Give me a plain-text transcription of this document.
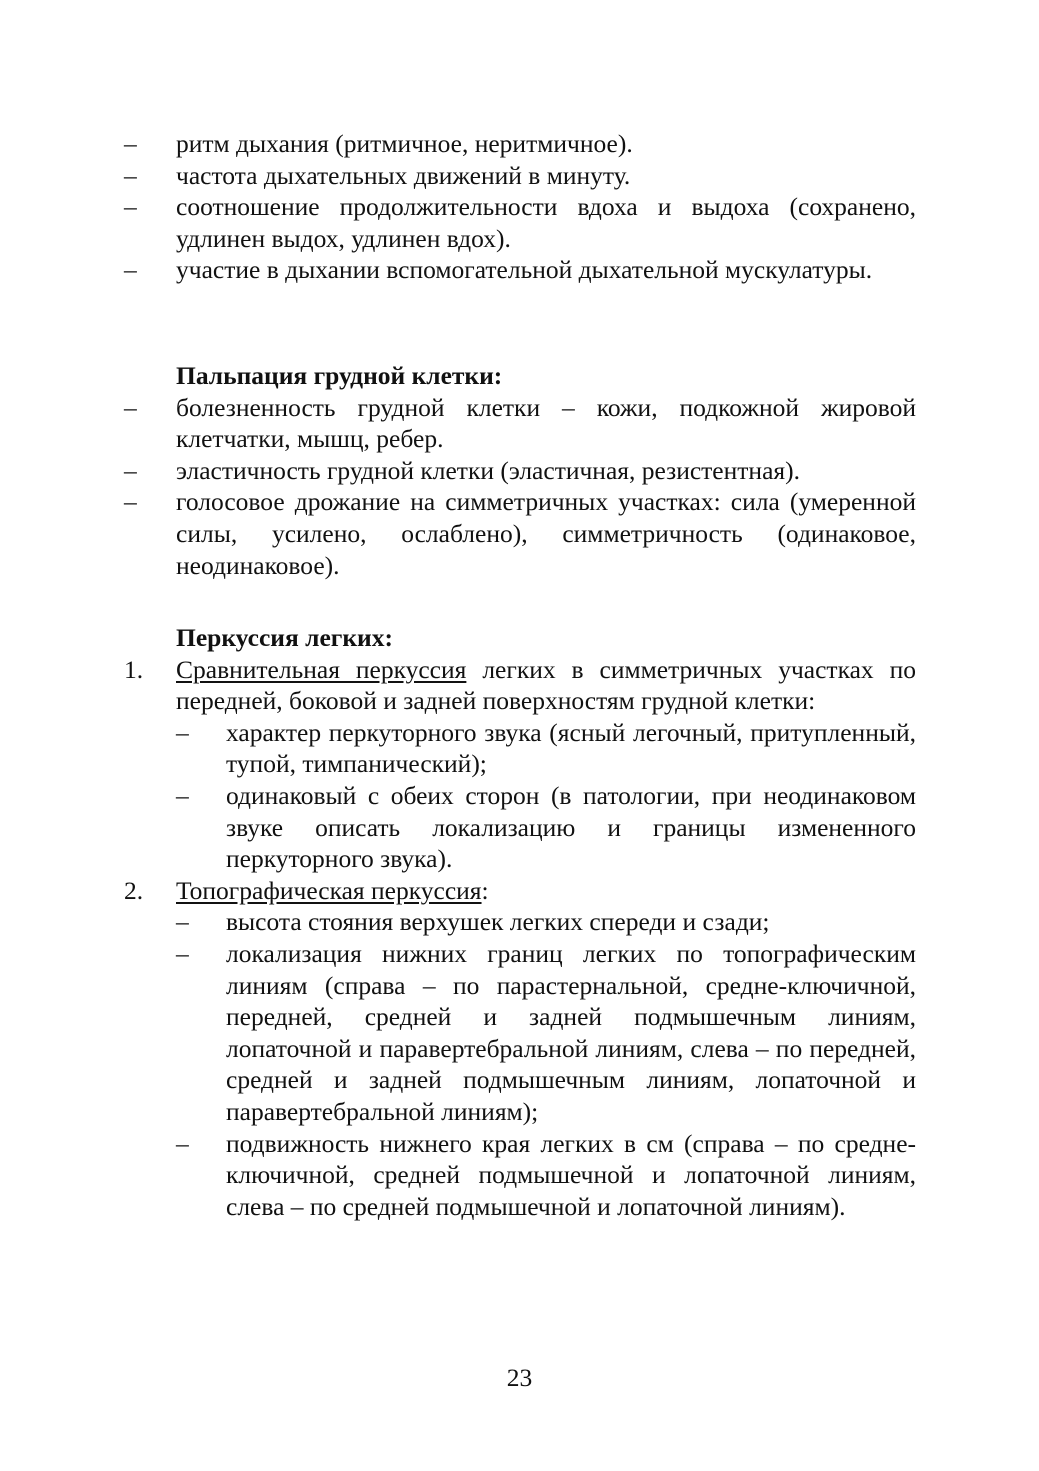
– ритм дыхания (ритмичное, неритмичное).
– частота дыхательных движений в минуту.
– соотношение продолжительности вдоха и выдоха (сохранено, удлинен выдох, удлинен вдох).
– участие в дыхании вспомогательной дыхательной мускулатуры.
Пальпация грудной клетки:
– болезненность грудной клетки – кожи, подкожной жировой клетчатки, мышц, ребер.
– эластичность грудной клетки (эластичная, резистентная).
– голосовое дрожание на симметричных участках: сила (умеренной силы, усилено, ослаблено), симметричность (одинаковое, неодинаковое).
Перкуссия легких:
1. Сравнительная перкуссия легких в симметричных участках по передней, боковой и задней поверхностям грудной клетки:
– характер перкуторного звука (ясный легочный, притупленный, тупой, тимпанический);
– одинаковый с обеих сторон (в патологии, при неодинаковом звуке описать локализацию и границы измененного перкуторного звука).
2. Топографическая перкуссия:
– высота стояния верхушек легких спереди и сзади;
– локализация нижних границ легких по топографическим линиям (справа – по парастернальной, средне-ключичной, передней, средней и задней подмышечным линиям, лопаточной и паравертебральной линиям, слева – по передней, средней и задней подмышечным линиям, лопаточной и паравертебральной линиям);
– подвижность нижнего края легких в см (справа – по средне-ключичной, средней подмышечной и лопаточной линиям, слева – по средней подмышечной и лопаточной линиям).
23
